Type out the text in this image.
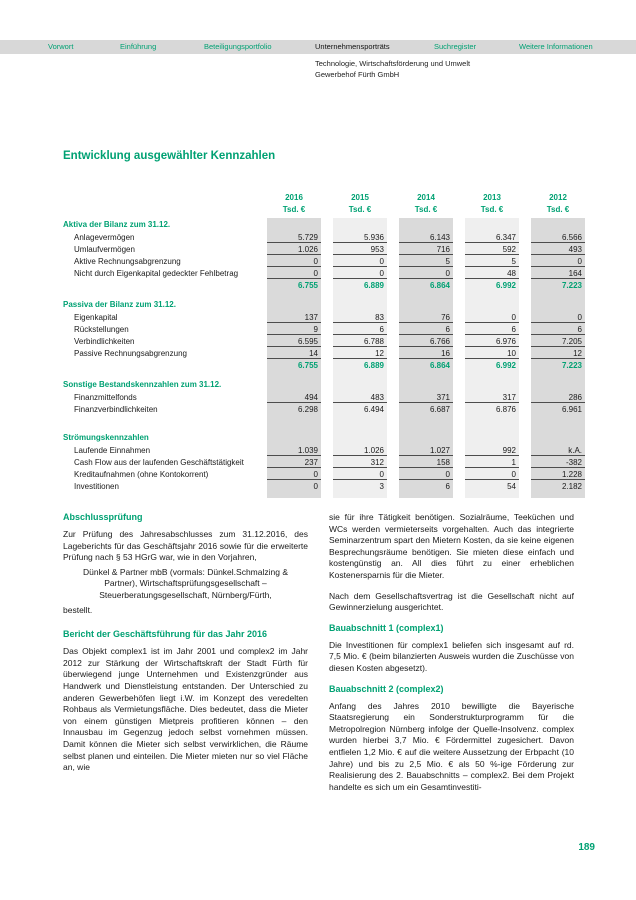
Vorwort	Einführung	Beteiligungsportfolio	Unternehmensporträts	Suchregister	Weitere Informationen
Technologie, Wirtschaftsförderung und Umwelt
Gewerbehof Fürth GmbH
Entwicklung ausgewählter Kennzahlen
2016	2015	2014	2013	2012
Tsd. €	Tsd. €	Tsd. €	Tsd. €	Tsd. €
Aktiva der Bilanz zum 31.12.
Anlagevermögen	5.729	5.936	6.143	6.347	6.566
Umlaufvermögen	1.026	953	716	592	493
Aktive Rechnungsabgrenzung	0	0	5	5	0
Nicht durch Eigenkapital gedeckter Fehlbetrag	0	0	0	48	164
6.755	6.889	6.864	6.992	7.223
Passiva der Bilanz zum 31.12.
Eigenkapital	137	83	76	0	0
Rückstellungen	9	6	6	6	6
Verbindlichkeiten	6.595	6.788	6.766	6.976	7.205
Passive Rechnungsabgrenzung	14	12	16	10	12
6.755	6.889	6.864	6.992	7.223
Sonstige Bestandskennzahlen zum 31.12.
Finanzmittelfonds	494	483	371	317	286
Finanzverbindlichkeiten	6.298	6.494	6.687	6.876	6.961
Strömungskennzahlen
Laufende Einnahmen	1.039	1.026	1.027	992	k.A.
Cash Flow aus der laufenden Geschäftstätigkeit	237	312	158	1	-382
Kreditaufnahmen (ohne Kontokorrent)	0	0	0	0	1.228
Investitionen	0	3	6	54	2.182
Abschlussprüfung

Zur Prüfung des Jahresabschlusses zum 31.12.2016, des Lageberichts für das Geschäftsjahr 2016 sowie für die erweiterte Prüfung nach § 53 HGrG war, wie in den Vorjahren,

Dünkel & Partner mbB (vormals: Dünkel.Schmalzing & Partner), Wirtschaftsprüfungsgesellschaft – Steuerberatungsgesellschaft, Nürnberg/Fürth,

bestellt.

Bericht der Geschäftsführung für das Jahr 2016

Das Objekt complex1 ist im Jahr 2001 und complex2 im Jahr 2012 zur Stärkung der Wirtschaftskraft der Stadt Fürth für überwiegend junge Unternehmen und Existenzgründer aus Handwerk und Dienstleistung entstanden. Der Unterschied zu anderen Gewerbehöfen liegt i.W. im Konzept des veredelten Rohbaus als Vermietungsfläche. Dies bedeutet, dass die Mieter von einem günstigen Mietpreis profitieren können – den Innausbau im Gegenzug jedoch selbst vornehmen müssen. Damit können die Mieter sich selbst verwirklichen, die Räume selbst planen und einteilen. Die Mieter mieten nur so viel Fläche an, wie

sie für ihre Tätigkeit benötigen. Sozialräume, Teeküchen und WCs werden vermieterseits vorgehalten. Auch das integrierte Seminarzentrum spart den Mietern Kosten, da sie keine eigenen Besprechungsräume benötigen. Sie mieten diese einfach und kostengünstig an. All dies führt zu einer erheblichen Kostenersparnis für die Mieter.

Nach dem Gesellschaftsvertrag ist die Gesellschaft nicht auf Gewinnerzielung ausgerichtet.

Bauabschnitt 1 (complex1)

Die Investitionen für complex1 beliefen sich insgesamt auf rd. 7,5 Mio. € (beim bilanzierten Ausweis wurden die Zuschüsse von diesen Kosten abgesetzt).

Bauabschnitt 2 (complex2)

Anfang des Jahres 2010 bewilligte die Bayerische Staatsregierung ein Sonderstrukturprogramm für die Metropolregion Nürnberg infolge der Quelle-Insolvenz. complex wurden hierbei 3,7 Mio. € Fördermittel zugesichert. Davon entfielen 1,2 Mio. € auf die weitere Aussetzung der Erbpacht (10 Jahre) und bis zu 2,5 Mio. € als 50 %-ige Förderung zur Realisierung des 2. Bauabschnitts – complex2. Bei dem Projekt handelte es sich um ein Gesamtinvestiti-

189
